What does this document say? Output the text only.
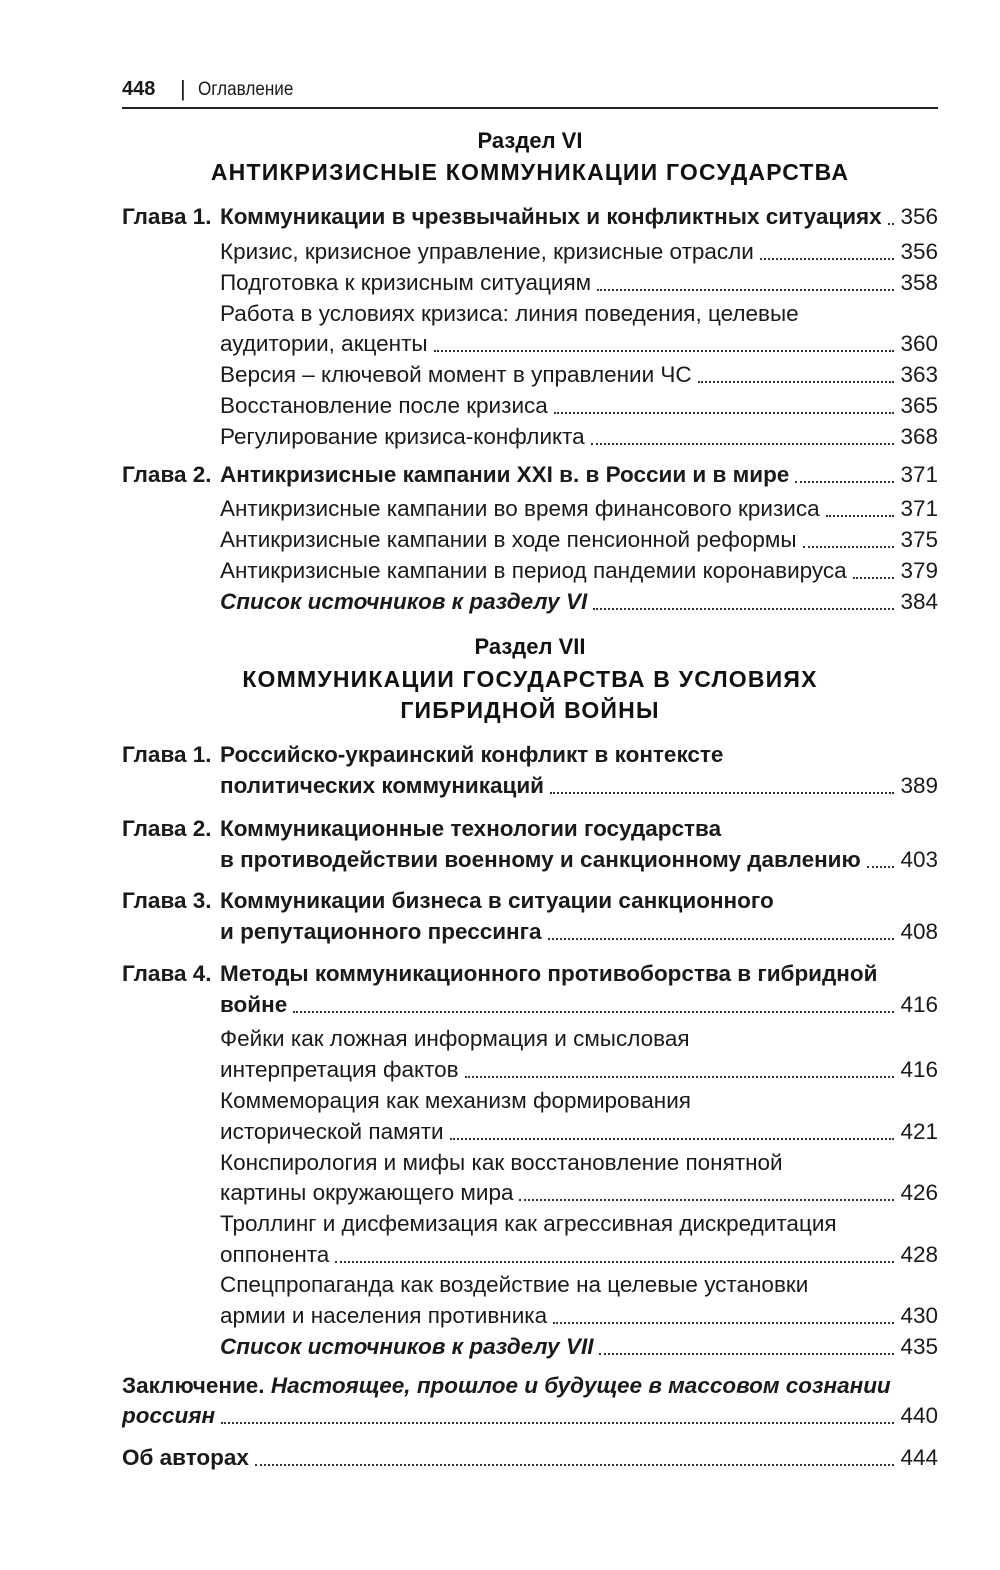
448 | Оглавление
Раздел VI
АНТИКРИЗИСНЫЕ КОММУНИКАЦИИ ГОСУДАРСТВА
Глава 1. Коммуникации в чрезвычайных и конфликтных ситуациях 356
Кризис, кризисное управление, кризисные отрасли	356
Подготовка к кризисным ситуациям	358
Работа в условиях кризиса: линия поведения, целевые
аудитории, акценты	360
Версия – ключевой момент в управлении ЧС	363
Восстановление после кризиса	365
Регулирование кризиса-конфликта	368
Глава 2. Антикризисные кампании XXI в. в России и в мире	371
Антикризисные кампании во время финансового кризиса	371
Антикризисные кампании в ходе пенсионной реформы	375
Антикризисные кампании в период пандемии коронавируса 379
Список источников к разделу VI	384
Раздел VII
КОММУНИКАЦИИ ГОСУДАРСТВА В УСЛОВИЯХ
ГИБРИДНОЙ ВОЙНЫ
Глава 1. Российско-украинский конфликт в контексте
политических коммуникаций	389
Глава 2. Коммуникационные технологии государства
в противодействии военному и санкционному давлению 403
Глава 3. Коммуникации бизнеса в ситуации санкционного
и репутационного прессинга	408
Глава 4. Методы коммуникационного противоборства в гибридной
войне	416
Фейки как ложная информация и смысловая
интерпретация фактов	416
Коммеморация как механизм формирования
исторической памяти	421
Конспирология и мифы как восстановление понятной
картины окружающего мира	426
Троллинг и дисфемизация как агрессивная дискредитация
оппонента	428
Спецпропаганда как воздействие на целевые установки
армии и населения противника	430
Список источников к разделу VII	435
Заключение. Настоящее, прошлое и будущее в массовом сознании
россиян	440
Об авторах	444
